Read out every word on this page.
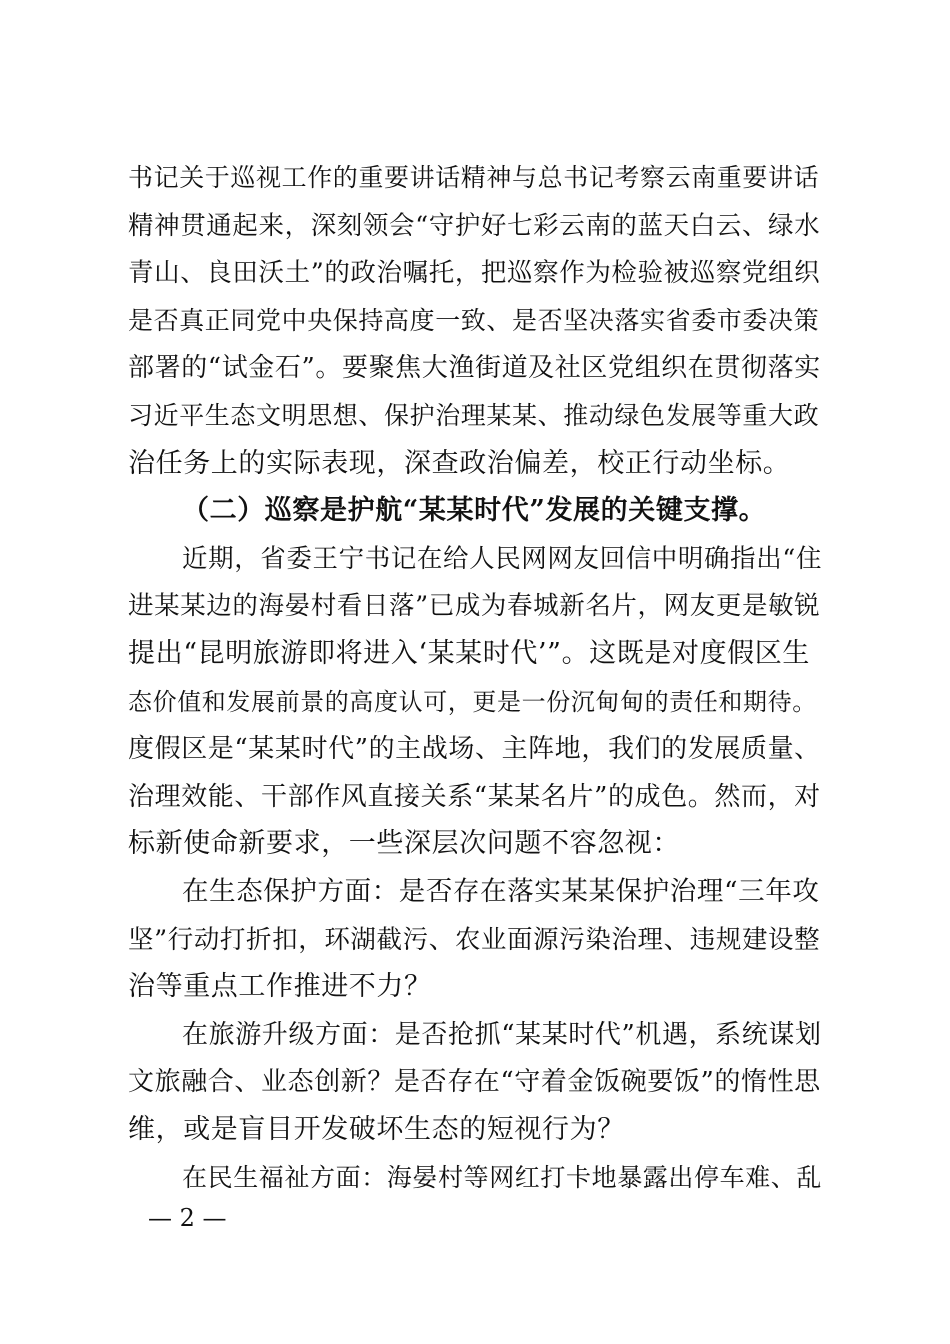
书记关于巡视工作的重要讲话精神与总书记考察云南重要讲话
精神贯通起来，深刻领会“守护好七彩云南的蓝天白云、绿水
青山、良田沃土”的政治嘱托，把巡察作为检验被巡察党组织
是否真正同党中央保持高度一致、是否坚决落实省委市委决策
部署的“试金石”。要聚焦大渔街道及社区党组织在贯彻落实
习近平生态文明思想、保护治理某某、推动绿色发展等重大政
治任务上的实际表现，深查政治偏差，校正行动坐标。
（二）巡察是护航“某某时代”发展的关键支撑。
近期，省委王宁书记在给人民网网友回信中明确指出“住
进某某边的海晏村看日落”已成为春城新名片，网友更是敏锐
提出“昆明旅游即将进入‘某某时代’”。这既是对度假区生
态价值和发展前景的高度认可，更是一份沉甸甸的责任和期待。
度假区是“某某时代”的主战场、主阵地，我们的发展质量、
治理效能、干部作风直接关系“某某名片”的成色。然而，对
标新使命新要求，一些深层次问题不容忽视：
在生态保护方面：是否存在落实某某保护治理“三年攻
坚”行动打折扣，环湖截污、农业面源污染治理、违规建设整
治等重点工作推进不力？
在旅游升级方面：是否抢抓“某某时代”机遇，系统谋划
文旅融合、业态创新？是否存在“守着金饭碗要饭”的惰性思
维，或是盲目开发破坏生态的短视行为？
在民生福祉方面：海晏村等网红打卡地暴露出停车难、乱
— 2 —
